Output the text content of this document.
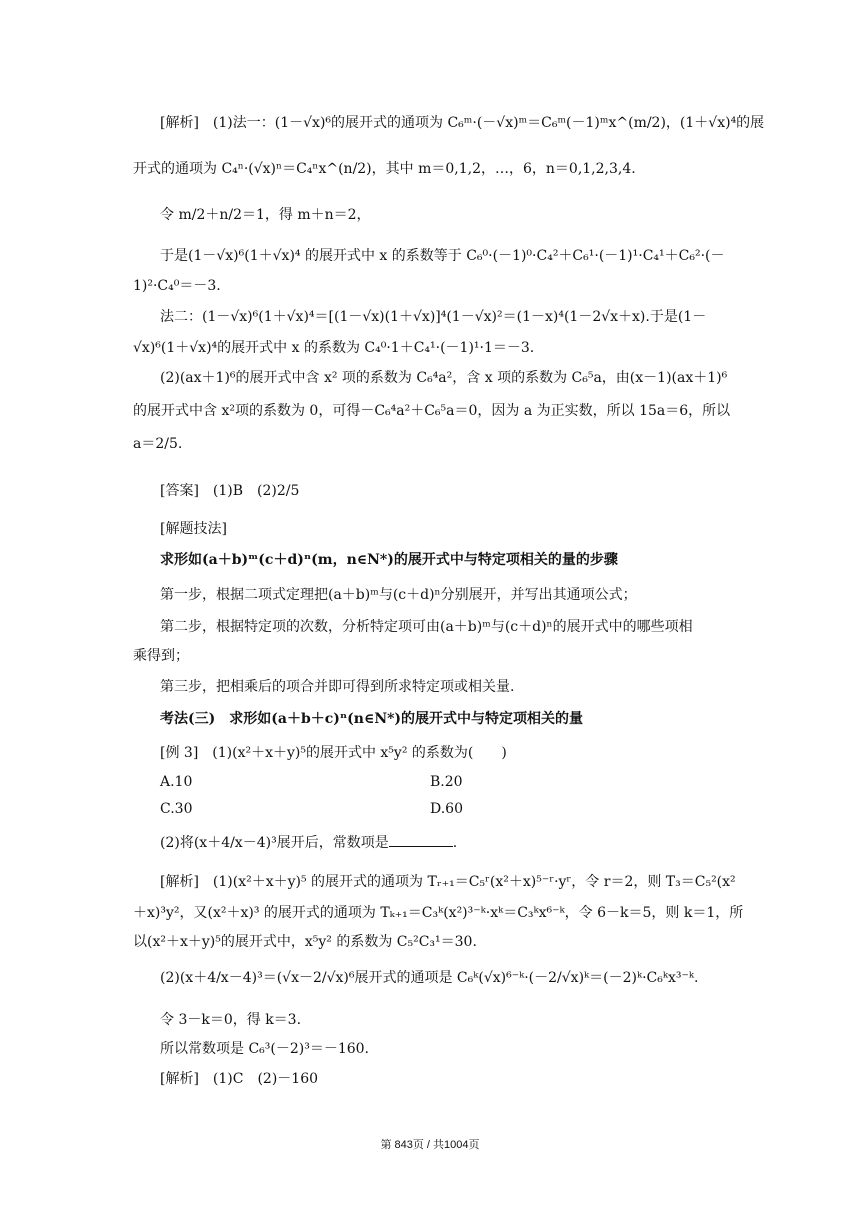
[解析]　(1)法一：(1－√x)⁶的展开式的通项为 C₆ᵐ·(－√x)ᵐ＝C₆ᵐ(－1)ᵐx^(m/2)，(1＋√x)⁴的展
开式的通项为 C₄ⁿ·(√x)ⁿ＝C₄ⁿx^(n/2)，其中 m＝0,1,2，…，6，n＝0,1,2,3,4.
令 m/2＋n/2＝1，得 m＋n＝2，
于是(1－√x)⁶(1＋√x)⁴ 的展开式中 x 的系数等于 C₆⁰·(－1)⁰·C₄²＋C₆¹·(－1)¹·C₄¹＋C₆²·(－
1)²·C₄⁰＝－3.
法二：(1－√x)⁶(1＋√x)⁴＝[(1－√x)(1＋√x)]⁴(1－√x)²＝(1－x)⁴(1－2√x＋x).于是(1－
√x)⁶(1＋√x)⁴的展开式中 x 的系数为 C₄⁰·1＋C₄¹·(－1)¹·1＝－3.
(2)(ax＋1)⁶的展开式中含 x² 项的系数为 C₆⁴a²，含 x 项的系数为 C₆⁵a，由(x－1)(ax＋1)⁶
的展开式中含 x²项的系数为 0，可得－C₆⁴a²＋C₆⁵a＝0，因为 a 为正实数，所以 15a＝6，所以
a＝2/5.
[答案]　(1)B　(2)2/5
[解题技法]
求形如(a＋b)ᵐ(c＋d)ⁿ(m，n∈N*)的展开式中与特定项相关的量的步骤
第一步，根据二项式定理把(a＋b)ᵐ与(c＋d)ⁿ分别展开，并写出其通项公式；
第二步，根据特定项的次数，分析特定项可由(a＋b)ᵐ与(c＋d)ⁿ的展开式中的哪些项相
乘得到；
第三步，把相乘后的项合并即可得到所求特定项或相关量.
考法(三)　求形如(a＋b＋c)ⁿ(n∈N*)的展开式中与特定项相关的量
[例 3]　(1)(x²＋x＋y)⁵的展开式中 x⁵y² 的系数为(　　)
A.10	B.20
C.30	D.60
(2)将(x＋4/x－4)³展开后，常数项是	.
[解析]　(1)(x²＋x＋y)⁵ 的展开式的通项为 Tᵣ₊₁＝C₅ʳ(x²＋x)⁵⁻ʳ·yʳ，令 r＝2，则 T₃＝C₅²(x²
＋x)³y²，又(x²＋x)³ 的展开式的通项为 Tₖ₊₁＝C₃ᵏ(x²)³⁻ᵏ·xᵏ＝C₃ᵏx⁶⁻ᵏ，令 6－k＝5，则 k＝1，所
以(x²＋x＋y)⁵的展开式中，x⁵y² 的系数为 C₅²C₃¹＝30.
(2)(x＋4/x－4)³＝(√x－2/√x)⁶展开式的通项是 C₆ᵏ(√x)⁶⁻ᵏ·(－2/√x)ᵏ＝(－2)ᵏ·C₆ᵏx³⁻ᵏ.
令 3－k＝0，得 k＝3.
所以常数项是 C₆³(－2)³＝－160.
[解析]　(1)C　(2)－160
第 843页 / 共1004页
